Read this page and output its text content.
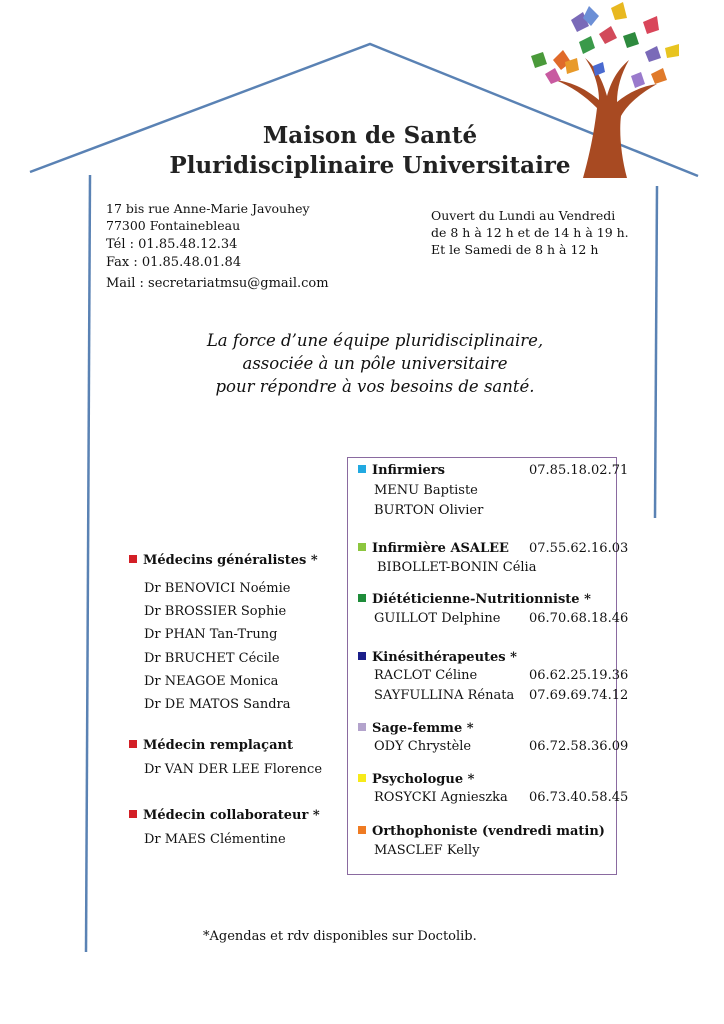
Maison de Santé
Pluridisciplinaire Universitaire
17 bis rue Anne-Marie Javouhey
77300 Fontainebleau
Tél : 01.85.48.12.34
Fax : 01.85.48.01.84
Mail : secretariatmsu@gmail.com
Ouvert du Lundi au Vendredi
de 8 h à 12 h et de 14 h à 19 h.
Et le Samedi de 8 h à 12 h
La force d’une équipe pluridisciplinaire,
associée à un pôle universitaire
pour répondre à vos besoins de santé.
Médecins généralistes *
Dr BENOVICI Noémie
Dr BROSSIER Sophie
Dr PHAN Tan-Trung
Dr BRUCHET Cécile
Dr NEAGOE Monica
Dr DE MATOS Sandra
Médecin remplaçant
Dr VAN DER LEE Florence
Médecin collaborateur *
Dr MAES Clémentine
Infirmiers	07.85.18.02.71
MENU Baptiste
BURTON Olivier
Infirmière ASALEE 07.55.62.16.03
BIBOLLET-BONIN Célia
Diététicienne-Nutritionniste *
GUILLOT Delphine 06.70.68.18.46
Kinésithérapeutes *
RACLOT Céline	06.62.25.19.36
SAYFULLINA Rénata 07.69.69.74.12
Sage-femme *
ODY Chrystèle	06.72.58.36.09
Psychologue *
ROSYCKI Agnieszka 06.73.40.58.45
Orthophoniste (vendredi matin)
MASCLEF Kelly
*Agendas et rdv disponibles sur Doctolib.
